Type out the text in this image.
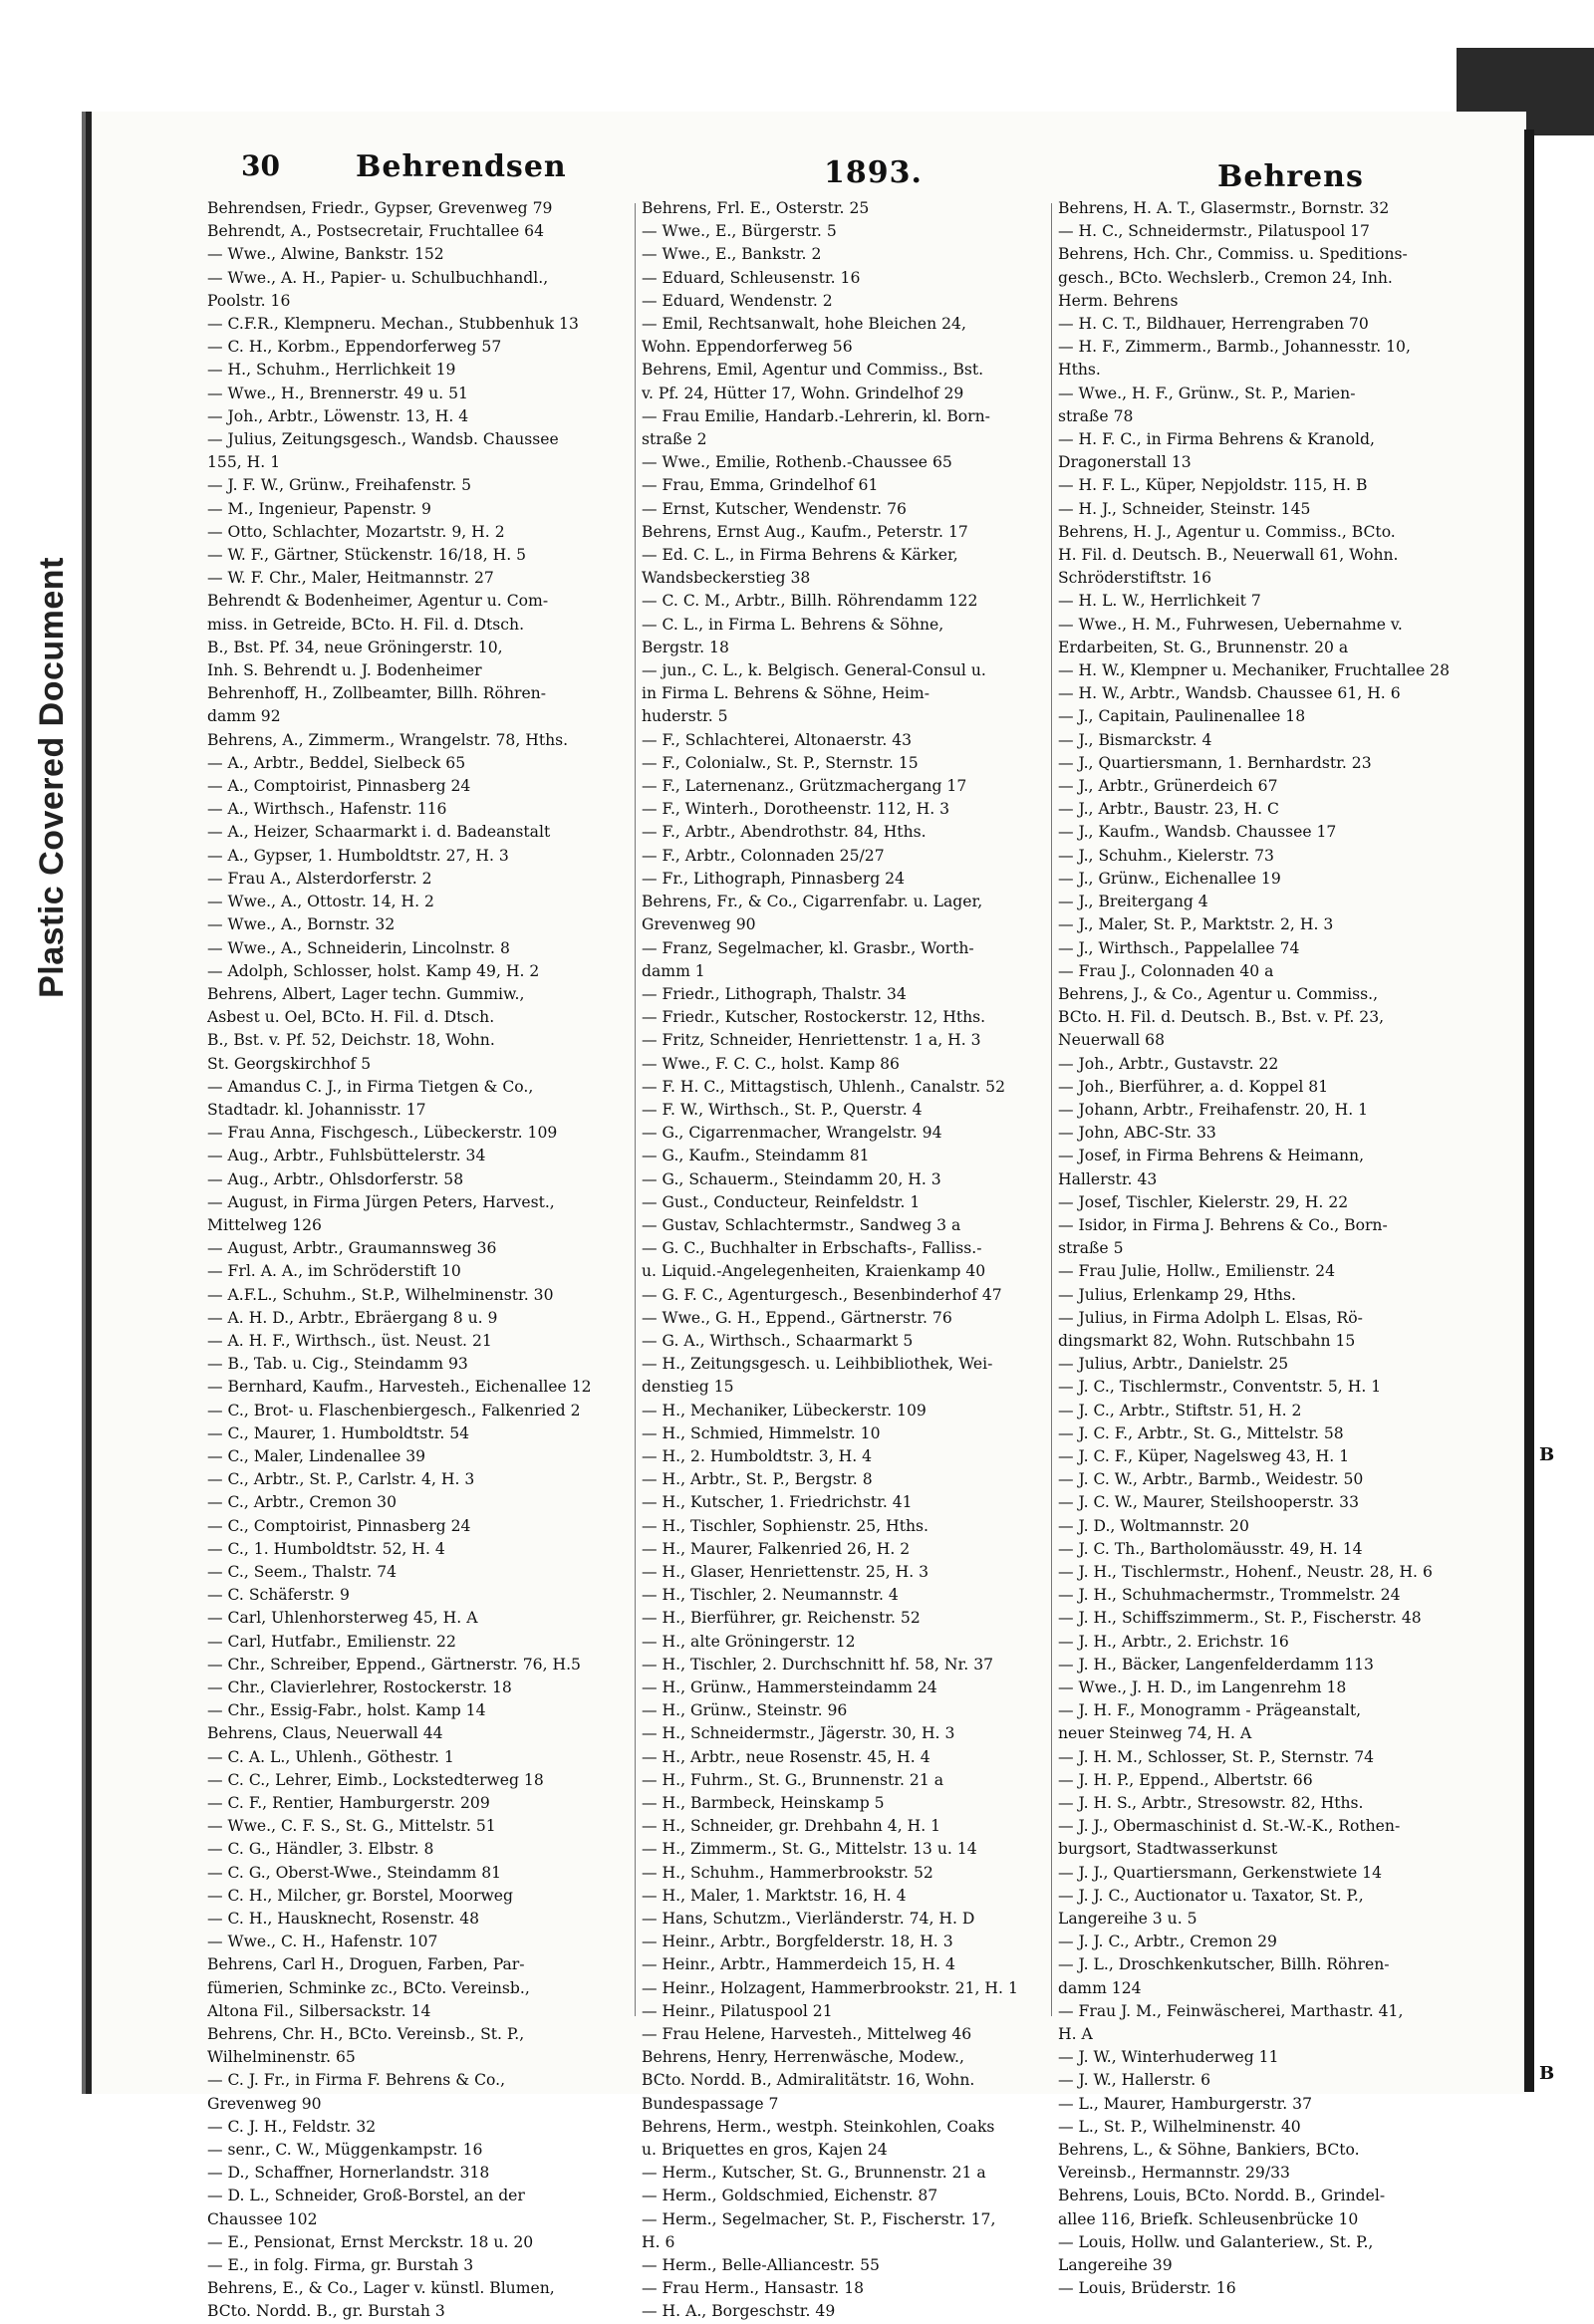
Plastic Covered Document
30	Behrendsen	1893.	Behrens
Behrendsen, Friedr., Gypser, Grevenweg 79
Behrendt, A., Postsecretair, Fruchtallee 64
— Wwe., Alwine, Bankstr. 152
— Wwe., A. H., Papier- u. Schulbuchhandl.,
Poolstr. 16
— C.F.R., Klempneru. Mechan., Stubbenhuk 13
— C. H., Korbm., Eppendorferweg 57
— H., Schuhm., Herrlichkeit 19
— Wwe., H., Brennerstr. 49 u. 51
— Joh., Arbtr., Löwenstr. 13, H. 4
— Julius, Zeitungsgesch., Wandsb. Chaussee
155, H. 1
— J. F. W., Grünw., Freihafenstr. 5
— M., Ingenieur, Papenstr. 9
— Otto, Schlachter, Mozartstr. 9, H. 2
— W. F., Gärtner, Stückenstr. 16/18, H. 5
— W. F. Chr., Maler, Heitmannstr. 27
Behrendt & Bodenheimer, Agentur u. Com-
miss. in Getreide, BCto. H. Fil. d. Dtsch.
B., Bst. Pf. 34, neue Gröningerstr. 10,
Inh. S. Behrendt u. J. Bodenheimer
Behrenhoff, H., Zollbeamter, Billh. Röhren-
damm 92
Behrens, A., Zimmerm., Wrangelstr. 78, Hths.
— A., Arbtr., Beddel, Sielbeck 65
— A., Comptoirist, Pinnasberg 24
— A., Wirthsch., Hafenstr. 116
— A., Heizer, Schaarmarkt i. d. Badeanstalt
— A., Gypser, 1. Humboldtstr. 27, H. 3
— Frau A., Alsterdorferstr. 2
— Wwe., A., Ottostr. 14, H. 2
— Wwe., A., Bornstr. 32
— Wwe., A., Schneiderin, Lincolnstr. 8
— Adolph, Schlosser, holst. Kamp 49, H. 2
Behrens, Albert, Lager techn. Gummiw.,
Asbest u. Oel, BCto. H. Fil. d. Dtsch.
B., Bst. v. Pf. 52, Deichstr. 18, Wohn.
St. Georgskirchhof 5
— Amandus C. J., in Firma Tietgen & Co.,
Stadtadr. kl. Johannisstr. 17
— Frau Anna, Fischgesch., Lübeckerstr. 109
— Aug., Arbtr., Fuhlsbüttelerstr. 34
— Aug., Arbtr., Ohlsdorferstr. 58
— August, in Firma Jürgen Peters, Harvest.,
Mittelweg 126
— August, Arbtr., Graumannsweg 36
— Frl. A. A., im Schröderstift 10
— A.F.L., Schuhm., St.P., Wilhelminenstr. 30
— A. H. D., Arbtr., Ebräergang 8 u. 9
— A. H. F., Wirthsch., üst. Neust. 21
— B., Tab. u. Cig., Steindamm 93
— Bernhard, Kaufm., Harvesteh., Eichenallee 12
— C., Brot- u. Flaschenbiergesch., Falkenried 2
— C., Maurer, 1. Humboldtstr. 54
— C., Maler, Lindenallee 39
— C., Arbtr., St. P., Carlstr. 4, H. 3
— C., Arbtr., Cremon 30
— C., Comptoirist, Pinnasberg 24
— C., 1. Humboldtstr. 52, H. 4
— C., Seem., Thalstr. 74
— C. Schäferstr. 9
— Carl, Uhlenhorsterweg 45, H. A
— Carl, Hutfabr., Emilienstr. 22
— Chr., Schreiber, Eppend., Gärtnerstr. 76, H.5
— Chr., Clavierlehrer, Rostockerstr. 18
— Chr., Essig-Fabr., holst. Kamp 14
Behrens, Claus, Neuerwall 44
— C. A. L., Uhlenh., Göthestr. 1
— C. C., Lehrer, Eimb., Lockstedterweg 18
— C. F., Rentier, Hamburgerstr. 209
— Wwe., C. F. S., St. G., Mittelstr. 51
— C. G., Händler, 3. Elbstr. 8
— C. G., Oberst-Wwe., Steindamm 81
— C. H., Milcher, gr. Borstel, Moorweg
— C. H., Hausknecht, Rosenstr. 48
— Wwe., C. H., Hafenstr. 107
Behrens, Carl H., Droguen, Farben, Par-
fümerien, Schminke zc., BCto. Vereinsb.,
Altona Fil., Silbersackstr. 14
Behrens, Chr. H., BCto. Vereinsb., St. P.,
Wilhelminenstr. 65
— C. J. Fr., in Firma F. Behrens & Co.,
Grevenweg 90
— C. J. H., Feldstr. 32
— senr., C. W., Müggenkampstr. 16
— D., Schaffner, Hornerlandstr. 318
— D. L., Schneider, Groß-Borstel, an der
Chaussee 102
— E., Pensionat, Ernst Merckstr. 18 u. 20
— E., in folg. Firma, gr. Burstah 3
Behrens, E., & Co., Lager v. künstl. Blumen,
BCto. Nordd. B., gr. Burstah 3
Behrens, Frl. E., Osterstr. 25
— Wwe., E., Bürgerstr. 5
— Wwe., E., Bankstr. 2
— Eduard, Schleusenstr. 16
— Eduard, Wendenstr. 2
— Emil, Rechtsanwalt, hohe Bleichen 24,
Wohn. Eppendorferweg 56
Behrens, Emil, Agentur und Commiss., Bst.
v. Pf. 24, Hütter 17, Wohn. Grindelhof 29
— Frau Emilie, Handarb.-Lehrerin, kl. Born-
straße 2
— Wwe., Emilie, Rothenb.-Chaussee 65
— Frau, Emma, Grindelhof 61
— Ernst, Kutscher, Wendenstr. 76
Behrens, Ernst Aug., Kaufm., Peterstr. 17
— Ed. C. L., in Firma Behrens & Kärker,
Wandsbeckerstieg 38
— C. C. M., Arbtr., Billh. Röhrendamm 122
— C. L., in Firma L. Behrens & Söhne,
Bergstr. 18
— jun., C. L., k. Belgisch. General-Consul u.
in Firma L. Behrens & Söhne, Heim-
huderstr. 5
— F., Schlachterei, Altonaerstr. 43
— F., Colonialw., St. P., Sternstr. 15
— F., Laternenanz., Grützmachergang 17
— F., Winterh., Dorotheenstr. 112, H. 3
— F., Arbtr., Abendrothstr. 84, Hths.
— F., Arbtr., Colonnaden 25/27
— Fr., Lithograph, Pinnasberg 24
Behrens, Fr., & Co., Cigarrenfabr. u. Lager,
Grevenweg 90
— Franz, Segelmacher, kl. Grasbr., Worth-
damm 1
— Friedr., Lithograph, Thalstr. 34
— Friedr., Kutscher, Rostockerstr. 12, Hths.
— Fritz, Schneider, Henriettenstr. 1 a, H. 3
— Wwe., F. C. C., holst. Kamp 86
— F. H. C., Mittagstisch, Uhlenh., Canalstr. 52
— F. W., Wirthsch., St. P., Querstr. 4
— G., Cigarrenmacher, Wrangelstr. 94
— G., Kaufm., Steindamm 81
— G., Schauerm., Steindamm 20, H. 3
— Gust., Conducteur, Reinfeldstr. 1
— Gustav, Schlachtermstr., Sandweg 3 a
— G. C., Buchhalter in Erbschafts-, Falliss.-
u. Liquid.-Angelegenheiten, Kraienkamp 40
— G. F. C., Agenturgesch., Besenbinderhof 47
— Wwe., G. H., Eppend., Gärtnerstr. 76
— G. A., Wirthsch., Schaarmarkt 5
— H., Zeitungsgesch. u. Leihbibliothek, Wei-
denstieg 15
— H., Mechaniker, Lübeckerstr. 109
— H., Schmied, Himmelstr. 10
— H., 2. Humboldtstr. 3, H. 4
— H., Arbtr., St. P., Bergstr. 8
— H., Kutscher, 1. Friedrichstr. 41
— H., Tischler, Sophienstr. 25, Hths.
— H., Maurer, Falkenried 26, H. 2
— H., Glaser, Henriettenstr. 25, H. 3
— H., Tischler, 2. Neumannstr. 4
— H., Bierführer, gr. Reichenstr. 52
— H., alte Gröningerstr. 12
— H., Tischler, 2. Durchschnitt hf. 58, Nr. 37
— H., Grünw., Hammersteindamm 24
— H., Grünw., Steinstr. 96
— H., Schneidermstr., Jägerstr. 30, H. 3
— H., Arbtr., neue Rosenstr. 45, H. 4
— H., Fuhrm., St. G., Brunnenstr. 21 a
— H., Barmbeck, Heinskamp 5
— H., Schneider, gr. Drehbahn 4, H. 1
— H., Zimmerm., St. G., Mittelstr. 13 u. 14
— H., Schuhm., Hammerbrookstr. 52
— H., Maler, 1. Marktstr. 16, H. 4
— Hans, Schutzm., Vierländerstr. 74, H. D
— Heinr., Arbtr., Borgfelderstr. 18, H. 3
— Heinr., Arbtr., Hammerdeich 15, H. 4
— Heinr., Holzagent, Hammerbrookstr. 21, H. 1
— Heinr., Pilatuspool 21
— Frau Helene, Harvesteh., Mittelweg 46
Behrens, Henry, Herrenwäsche, Modew.,
BCto. Nordd. B., Admiralitätstr. 16, Wohn.
Bundespassage 7
Behrens, Herm., westph. Steinkohlen, Coaks
u. Briquettes en gros, Kajen 24
— Herm., Kutscher, St. G., Brunnenstr. 21 a
— Herm., Goldschmied, Eichenstr. 87
— Herm., Segelmacher, St. P., Fischerstr. 17,
H. 6
— Herm., Belle-Alliancestr. 55
— Frau Herm., Hansastr. 18
— H. A., Borgeschstr. 49
Behrens, H. A. T., Glasermstr., Bornstr. 32
— H. C., Schneidermstr., Pilatuspool 17
Behrens, Hch. Chr., Commiss. u. Speditions-
gesch., BCto. Wechslerb., Cremon 24, Inh.
Herm. Behrens
— H. C. T., Bildhauer, Herrengraben 70
— H. F., Zimmerm., Barmb., Johannesstr. 10,
Hths.
— Wwe., H. F., Grünw., St. P., Marien-
straße 78
— H. F. C., in Firma Behrens & Kranold,
Dragonerstall 13
— H. F. L., Küper, Nepjoldstr. 115, H. B
— H. J., Schneider, Steinstr. 145
Behrens, H. J., Agentur u. Commiss., BCto.
H. Fil. d. Deutsch. B., Neuerwall 61, Wohn.
Schröderstiftstr. 16
— H. L. W., Herrlichkeit 7
— Wwe., H. M., Fuhrwesen, Uebernahme v.
Erdarbeiten, St. G., Brunnenstr. 20 a
— H. W., Klempner u. Mechaniker, Fruchtallee 28
— H. W., Arbtr., Wandsb. Chaussee 61, H. 6
— J., Capitain, Paulinenallee 18
— J., Bismarckstr. 4
— J., Quartiersmann, 1. Bernhardstr. 23
— J., Arbtr., Grünerdeich 67
— J., Arbtr., Baustr. 23, H. C
— J., Kaufm., Wandsb. Chaussee 17
— J., Schuhm., Kielerstr. 73
— J., Grünw., Eichenallee 19
— J., Breitergang 4
— J., Maler, St. P., Marktstr. 2, H. 3
— J., Wirthsch., Pappelallee 74
— Frau J., Colonnaden 40 a
Behrens, J., & Co., Agentur u. Commiss.,
BCto. H. Fil. d. Deutsch. B., Bst. v. Pf. 23,
Neuerwall 68
— Joh., Arbtr., Gustavstr. 22
— Joh., Bierführer, a. d. Koppel 81
— Johann, Arbtr., Freihafenstr. 20, H. 1
— John, ABC-Str. 33
— Josef, in Firma Behrens & Heimann,
Hallerstr. 43
— Josef, Tischler, Kielerstr. 29, H. 22
— Isidor, in Firma J. Behrens & Co., Born-
straße 5
— Frau Julie, Hollw., Emilienstr. 24
— Julius, Erlenkamp 29, Hths.
— Julius, in Firma Adolph L. Elsas, Rö-
dingsmarkt 82, Wohn. Rutschbahn 15
— Julius, Arbtr., Danielstr. 25
— J. C., Tischlermstr., Conventstr. 5, H. 1
— J. C., Arbtr., Stiftstr. 51, H. 2
— J. C. F., Arbtr., St. G., Mittelstr. 58
— J. C. F., Küper, Nagelsweg 43, H. 1
— J. C. W., Arbtr., Barmb., Weidestr. 50
— J. C. W., Maurer, Steilshooperstr. 33
— J. D., Woltmannstr. 20
— J. C. Th., Bartholomäusstr. 49, H. 14
— J. H., Tischlermstr., Hohenf., Neustr. 28, H. 6
— J. H., Schuhmachermstr., Trommelstr. 24
— J. H., Schiffszimmerm., St. P., Fischerstr. 48
— J. H., Arbtr., 2. Erichstr. 16
— J. H., Bäcker, Langenfelderdamm 113
— Wwe., J. H. D., im Langenrehm 18
— J. H. F., Monogramm - Prägeanstalt,
neuer Steinweg 74, H. A
— J. H. M., Schlosser, St. P., Sternstr. 74
— J. H. P., Eppend., Albertstr. 66
— J. H. S., Arbtr., Stresowstr. 82, Hths.
— J. J., Obermaschinist d. St.-W.-K., Rothen-
burgsort, Stadtwasserkunst
— J. J., Quartiersmann, Gerkenstwiete 14
— J. J. C., Auctionator u. Taxator, St. P.,
Langereihe 3 u. 5
— J. J. C., Arbtr., Cremon 29
— J. L., Droschkenkutscher, Billh. Röhren-
damm 124
— Frau J. M., Feinwäscherei, Marthastr. 41,
H. A
— J. W., Winterhuderweg 11
— J. W., Hallerstr. 6
— L., Maurer, Hamburgerstr. 37
— L., St. P., Wilhelminenstr. 40
Behrens, L., & Söhne, Bankiers, BCto.
Vereinsb., Hermannstr. 29/33
Behrens, Louis, BCto. Nordd. B., Grindel-
allee 116, Briefk. Schleusenbrücke 10
— Louis, Hollw. und Galanteriew., St. P.,
Langereihe 39
— Louis, Brüderstr. 16
B
B
